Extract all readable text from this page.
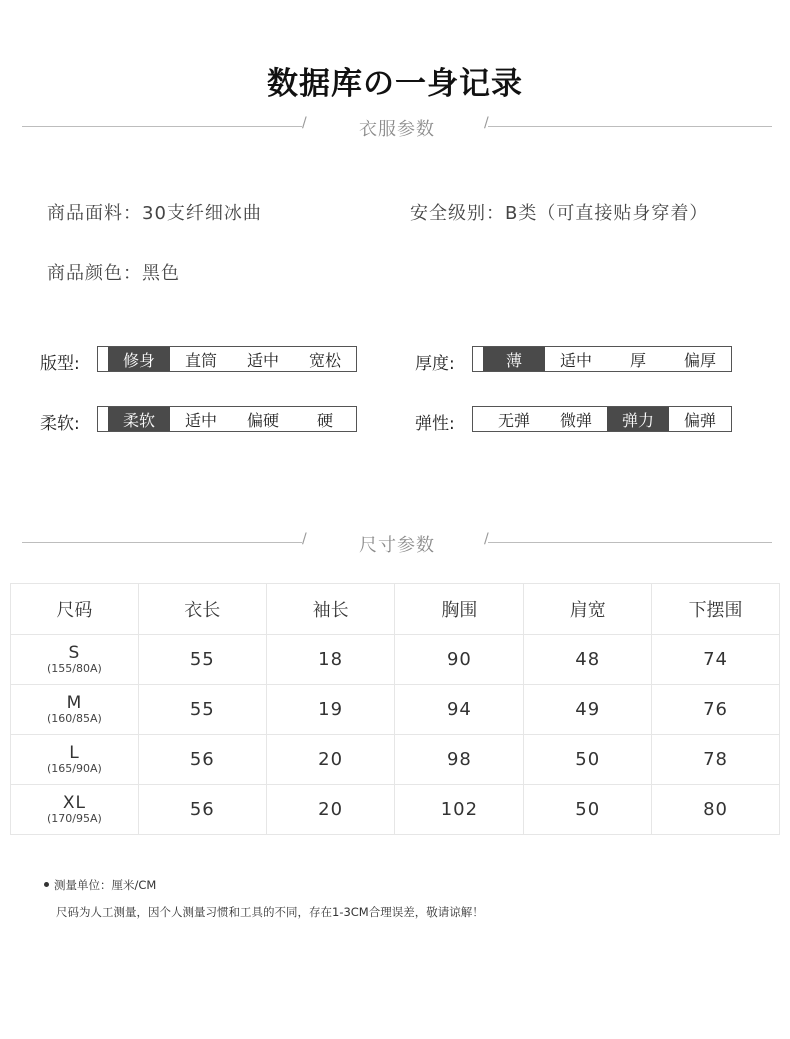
数据库の一身记录
/	衣服参数	/
商品面料：30支纤细冰曲	安全级别：B类（可直接贴身穿着）
商品颜色：黑色
版型:	修身	直筒	适中	宽松	厚度:	薄	适中	厚	偏厚
柔软:	柔软	适中	偏硬	硬	弹性:	无弹	微弹	弹力	偏弹
/	尺寸参数	/
尺码	衣长	袖长	胸围	肩宽	下摆围

S
(155/80A)	55	18	90	48	74

M
(160/85A)	55	19	94	49	76

L
(165/90A)	56	20	98	50	78

XL
(170/95A)	56	20	102	50	80
测量单位：厘米/CM
尺码为人工测量，因个人测量习惯和工具的不同，存在1-3CM合理误差，敬请谅解！
